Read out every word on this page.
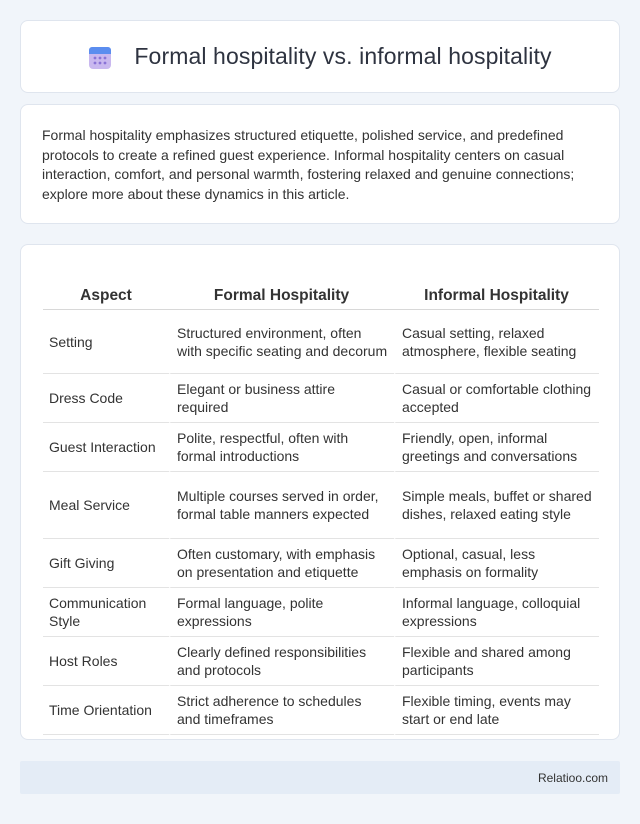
Formal hospitality vs. informal hospitality

Formal hospitality emphasizes structured etiquette, polished service, and predefined protocols to create a refined guest experience. Informal hospitality centers on casual interaction, comfort, and personal warmth, fostering relaxed and genuine connections; explore more about these dynamics in this article.

Aspect	Formal Hospitality	Informal Hospitality
Setting	Structured environment, often with specific seating and decorum	Casual setting, relaxed atmosphere, flexible seating
Dress Code	Elegant or business attire required	Casual or comfortable clothing accepted
Guest Interaction	Polite, respectful, often with formal introductions	Friendly, open, informal greetings and conversations
Meal Service	Multiple courses served in order, formal table manners expected	Simple meals, buffet or shared dishes, relaxed eating style
Gift Giving	Often customary, with emphasis on presentation and etiquette	Optional, casual, less emphasis on formality
Communication Style	Formal language, polite expressions	Informal language, colloquial expressions
Host Roles	Clearly defined responsibilities and protocols	Flexible and shared among participants
Time Orientation	Strict adherence to schedules and timeframes	Flexible timing, events may start or end late
Relatioo.com
